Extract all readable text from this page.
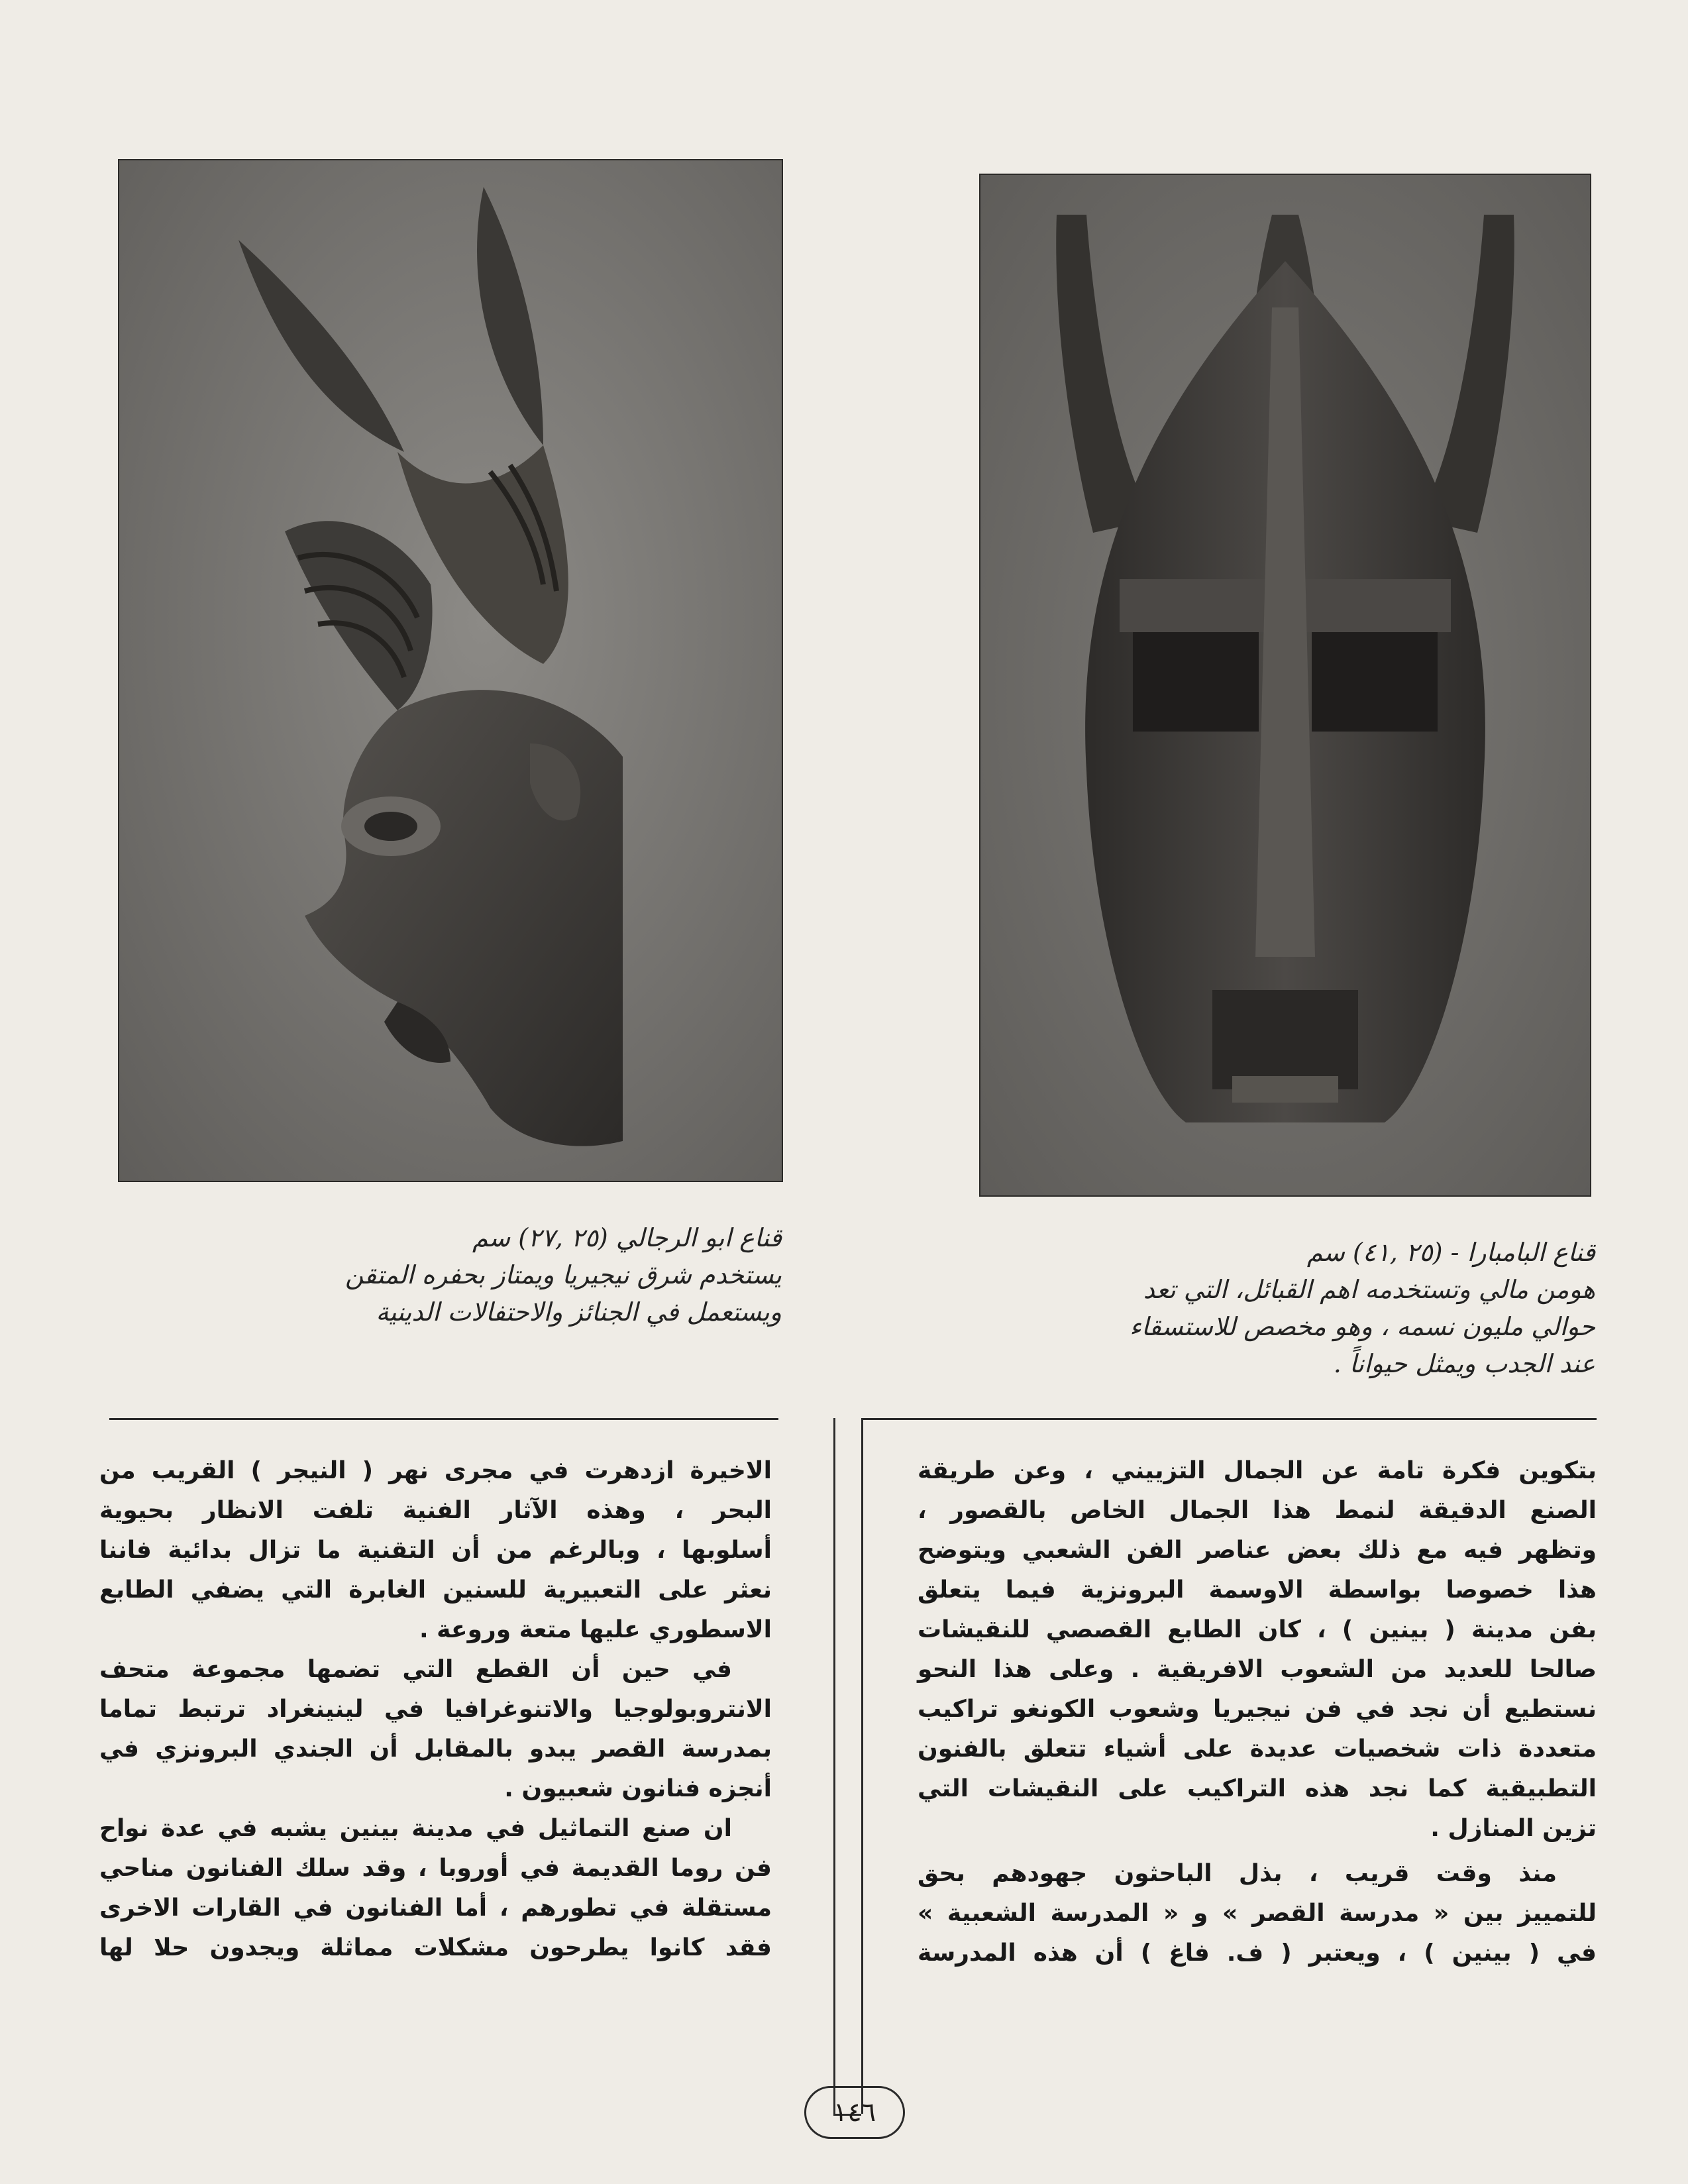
قناع ابو الرجالي (٢٥ ,٢٧) سم
يستخدم شرق نيجيريا ويمتاز بحفره المتقن
ويستعمل في الجنائز والاحتفالات الدينية
قناع البامبارا - (٢٥ ,٤١) سم
هومن مالي وتستخدمه اهم القبائل، التي تعد
حوالي مليون نسمه ، وهو مخصص للاستسقاء
عند الجدب ويمثل حيواناً .

بتكوين فكرة تامة عن الجمال التزييني ، وعن طريقة
الصنع الدقيقة لنمط هذا الجمال الخاص بالقصور ،
وتظهر فيه مع ذلك بعض عناصر الفن الشعبي ويتوضح
هذا خصوصا بواسطة الاوسمة البرونزية فيما يتعلق
بفن مدينة ( بينين ) ، كان الطابع القصصي للنقيشات
صالحا للعديد من الشعوب الافريقية . وعلى هذا النحو
نستطيع أن نجد في فن نيجيريا وشعوب الكونغو تراكيب
متعددة ذات شخصيات عديدة على أشياء تتعلق بالفنون
التطبيقية كما نجد هذه التراكيب على النقيشات التي
تزين المنازل .

منذ وقت قريب ، بذل الباحثون جهودهم بحق
للتمييز بين « مدرسة القصر » و « المدرسة الشعبية »
في ( بينين ) ، ويعتبر ( ف. فاغ ) أن هذه المدرسة

الاخيرة ازدهرت في مجرى نهر ( النيجر ) القريب من
البحر ، وهذه الآثار الفنية تلفت الانظار بحيوية
أسلوبها ، وبالرغم من أن التقنية ما تزال بدائية فاننا
نعثر على التعبيرية للسنين الغابرة التي يضفي الطابع
الاسطوري عليها متعة وروعة .

في حين أن القطع التي تضمها مجموعة متحف
الانتروبولوجيا والاتنوغرافيا في لينينغراد ترتبط تماما
بمدرسة القصر يبدو بالمقابل أن الجندي البرونزي في
أنجزه فنانون شعبيون .

ان صنع التماثيل في مدينة بينين يشبه في عدة نواح
فن روما القديمة في أوروبا ، وقد سلك الفنانون مناحي
مستقلة في تطورهم ، أما الفنانون في القارات الاخرى
فقد كانوا يطرحون مشكلات مماثلة ويجدون حلا لها

١٤٦
